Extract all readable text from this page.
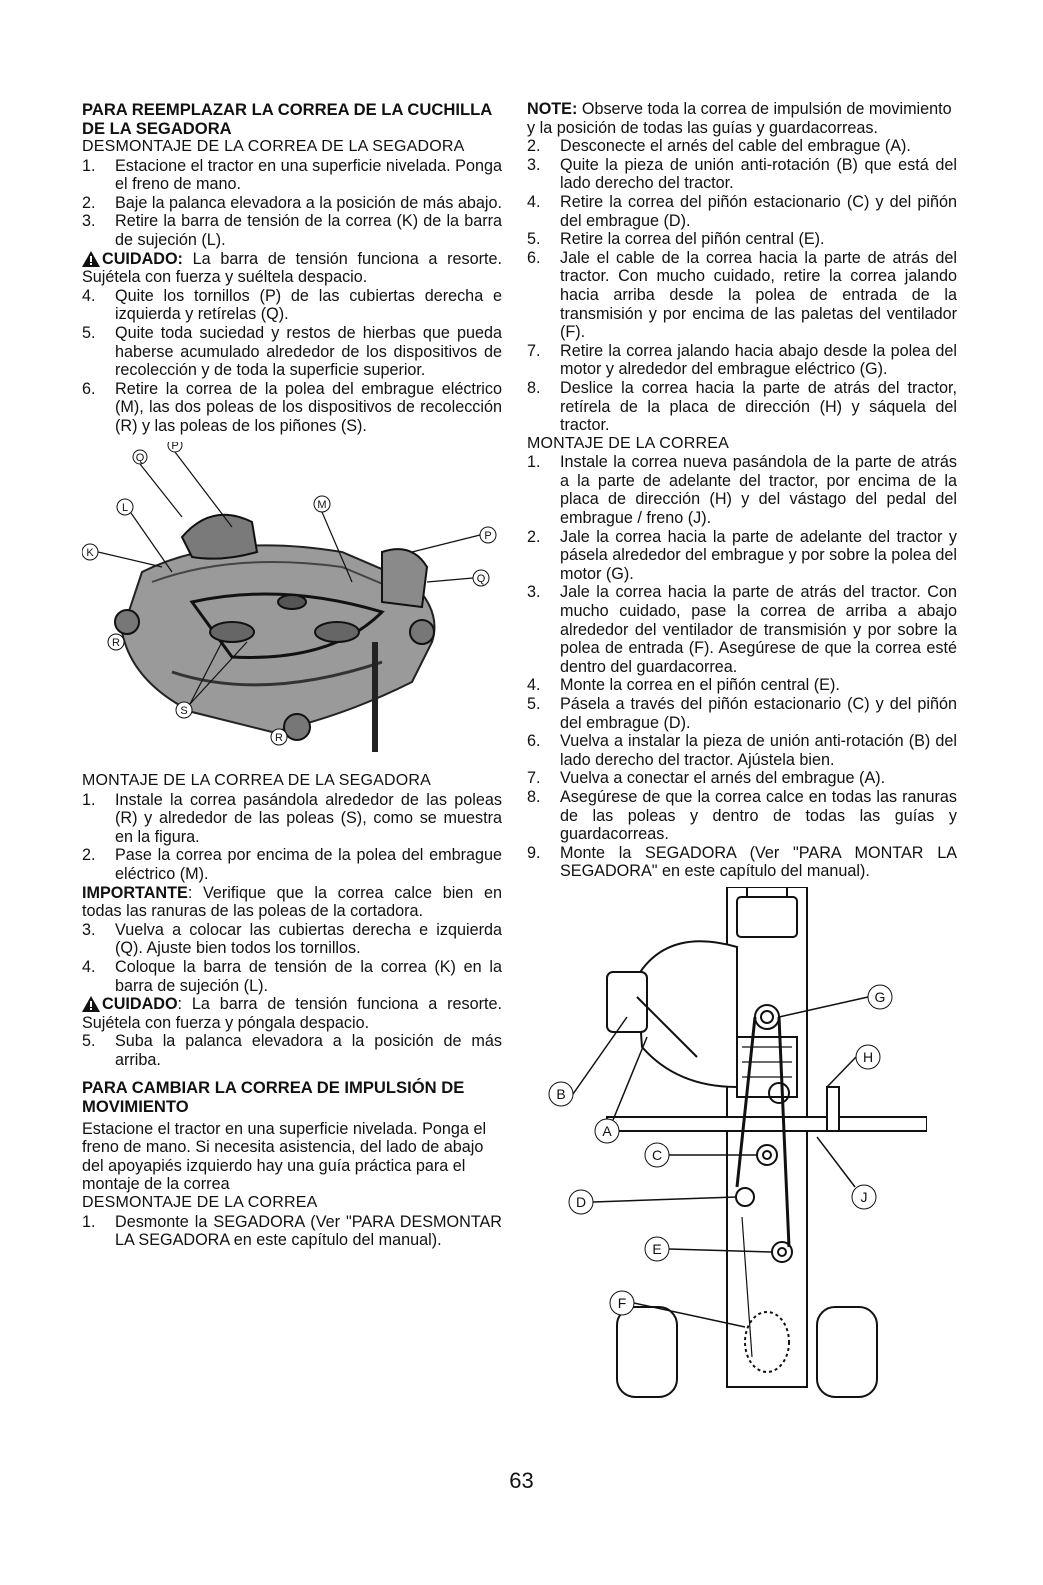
PARA REEMPLAZAR LA CORREA DE LA CUCHILLA DE LA SEGADORA

DESMONTAJE DE LA CORREA DE LA SEGADORA

1. Estacione el tractor en una superficie nivelada. Ponga el freno de mano.
2. Baje la palanca elevadora a la posición de más abajo.
3. Retire la barra de tensión de la correa (K) de la barra de sujeción (L).

CUIDADO: La barra de tensión funciona a resorte. Sujétela con fuerza y suéltela despacio.

4. Quite los tornillos (P) de las cubiertas derecha e izquierda y retírelas (Q).
5. Quite toda suciedad y restos de hierbas que pueda haberse acumulado alrededor de los dispositivos de recolección y de toda la superficie superior.
6. Retire la correa de la polea del embrague eléctrico (M), las dos poleas de los dispositivos de recolección (R) y las poleas de los piñones (S).
Q
P
L	M
K
P
Q
R
S
R

MONTAJE DE LA CORREA DE LA SEGADORA

1. Instale la correa pasándola alrededor de las poleas (R) y alrededor de las poleas (S), como se muestra en la figura.
2. Pase la correa por encima de la polea del embrague eléctrico (M).

IMPORTANTE: Verifique que la correa calce bien en todas las ranuras de las poleas de la cortadora.

3. Vuelva a colocar las cubiertas derecha e izquierda (Q). Ajuste bien todos los tornillos.
4. Coloque la barra de tensión de la correa (K) en la barra de sujeción (L).

CUIDADO: La barra de tensión funciona a resorte. Sujétela con fuerza y póngala despacio.

5. Suba la palanca elevadora a la posición de más arriba.

PARA CAMBIAR LA CORREA DE IMPULSIÓN DE MOVIMIENTO

Estacione el tractor en una superficie nivelada. Ponga el freno de mano. Si necesita asistencia, del lado de abajo del apoyapiés izquierdo hay una guía práctica para el montaje de la correa

DESMONTAJE DE LA CORREA

1. Desmonte la SEGADORA (Ver "PARA DESMONTAR LA SEGADORA en este capítulo del manual).

NOTE: Observe toda la correa de impulsión de movimiento y la posición de todas las guías y guardacorreas.

2. Desconecte el arnés del cable del embrague (A).
3. Quite la pieza de unión anti-rotación (B) que está del lado derecho del tractor.
4. Retire la correa del piñón estacionario (C) y del piñón del embrague (D).
5. Retire la correa del piñón central (E).
6. Jale el cable de la correa hacia la parte de atrás del tractor. Con mucho cuidado, retire la correa jalando hacia arriba desde la polea de entrada de la transmisión y por encima de las paletas del ventilador (F).
7. Retire la correa jalando hacia abajo desde la polea del motor y alrededor del embrague eléctrico (G).
8. Deslice la correa hacia la parte de atrás del tractor, retírela de la placa de dirección (H) y sáquela del tractor.

MONTAJE DE LA CORREA

1. Instale la correa nueva pasándola de la parte de atrás a la parte de adelante del tractor, por encima de la placa de dirección (H) y del vástago del pedal del embrague / freno (J).
2. Jale la correa hacia la parte de adelante del tractor y pásela alrededor del embrague y por sobre la polea del motor (G).
3. Jale la correa hacia la parte de atrás del tractor. Con mucho cuidado, pase la correa de arriba a abajo alrededor del ventilador de transmisión y por sobre la polea de entrada (F). Asegúrese de que la correa esté dentro del guardacorrea.
4. Monte la correa en el piñón central (E).
5. Pásela a través del piñón estacionario (C) y del piñón del embrague (D).
6. Vuelva a instalar la pieza de unión anti-rotación (B) del lado derecho del tractor. Ajústela bien.
7. Vuelva a conectar el arnés del embrague (A).
8. Asegúrese de que la correa calce en todas las ranuras de las poleas y dentro de todas las guías y guardacorreas.
9. Monte la SEGADORA (Ver "PARA MONTAR LA SEGADORA" en este capítulo del manual).
G
H
B
A
C
J
D
E
F
63
